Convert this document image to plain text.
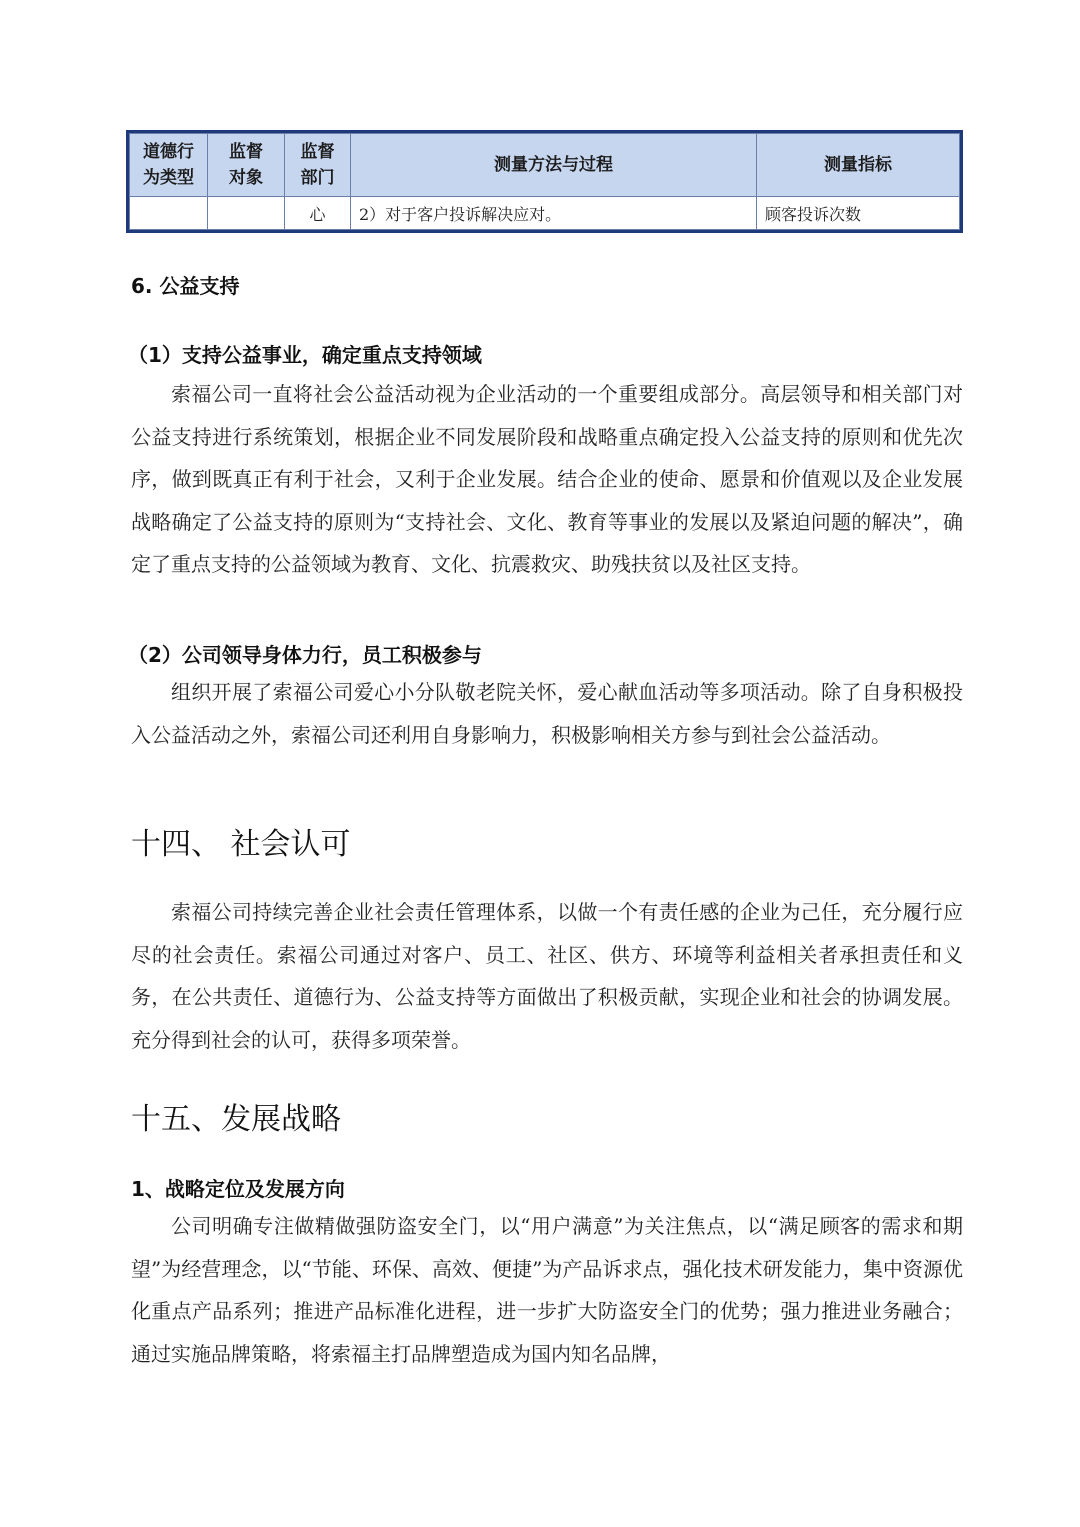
道德行为类型	监督对象	监督部门	测量方法与过程	测量指标
		心	2）对于客户投诉解决应对。	顾客投诉次数
6. 公益支持
（1）支持公益事业，确定重点支持领域

索福公司一直将社会公益活动视为企业活动的一个重要组成部分。高层领导和相关部门对公益支持进行系统策划，根据企业不同发展阶段和战略重点确定投入公益支持的原则和优先次序，做到既真正有利于社会，又利于企业发展。结合企业的使命、愿景和价值观以及企业发展战略确定了公益支持的原则为“支持社会、文化、教育等事业的发展以及紧迫问题的解决”，确定了重点支持的公益领域为教育、文化、抗震救灾、助残扶贫以及社区支持。

（2）公司领导身体力行，员工积极参与

组织开展了索福公司爱心小分队敬老院关怀，爱心献血活动等多项活动。除了自身积极投入公益活动之外，索福公司还利用自身影响力，积极影响相关方参与到社会公益活动。

十四、 社会认可

索福公司持续完善企业社会责任管理体系，以做一个有责任感的企业为己任，充分履行应尽的社会责任。索福公司通过对客户、员工、社区、供方、环境等利益相关者承担责任和义务，在公共责任、道德行为、公益支持等方面做出了积极贡献，实现企业和社会的协调发展。充分得到社会的认可，获得多项荣誉。

十五、发展战略
1、战略定位及发展方向

公司明确专注做精做强防盗安全门，以“用户满意”为关注焦点，以“满足顾客的需求和期望”为经营理念，以“节能、环保、高效、便捷”为产品诉求点，强化技术研发能力，集中资源优化重点产品系列；推进产品标准化进程，进一步扩大防盗安全门的优势；强力推进业务融合；通过实施品牌策略，将索福主打品牌塑造成为国内知名品牌，
